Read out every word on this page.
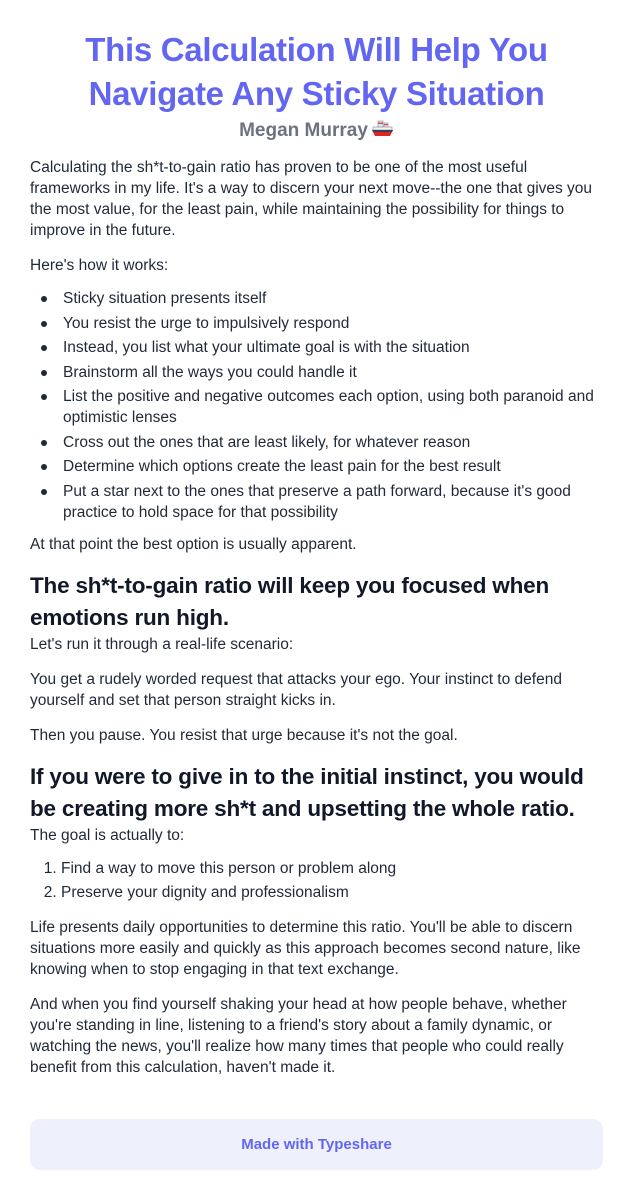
This Calculation Will Help You Navigate Any Sticky Situation
Megan Murray

Calculating the sh*t-to-gain ratio has proven to be one of the most useful frameworks in my life. It's a way to discern your next move--the one that gives you the most value, for the least pain, while maintaining the possibility for things to improve in the future.

Here's how it works:

Sticky situation presents itself
You resist the urge to impulsively respond
Instead, you list what your ultimate goal is with the situation
Brainstorm all the ways you could handle it
List the positive and negative outcomes each option, using both paranoid and optimistic lenses
Cross out the ones that are least likely, for whatever reason
Determine which options create the least pain for the best result
Put a star next to the ones that preserve a path forward, because it's good practice to hold space for that possibility

At that point the best option is usually apparent.

The sh*t-to-gain ratio will keep you focused when emotions run high.

Let's run it through a real-life scenario:

You get a rudely worded request that attacks your ego. Your instinct to defend yourself and set that person straight kicks in.

Then you pause. You resist that urge because it's not the goal.

If you were to give in to the initial instinct, you would be creating more sh*t and upsetting the whole ratio.

The goal is actually to:

1. Find a way to move this person or problem along
2. Preserve your dignity and professionalism

Life presents daily opportunities to determine this ratio. You'll be able to discern situations more easily and quickly as this approach becomes second nature, like knowing when to stop engaging in that text exchange.

And when you find yourself shaking your head at how people behave, whether you're standing in line, listening to a friend's story about a family dynamic, or watching the news, you'll realize how many times that people who could really benefit from this calculation, haven't made it.

Made with Typeshare
